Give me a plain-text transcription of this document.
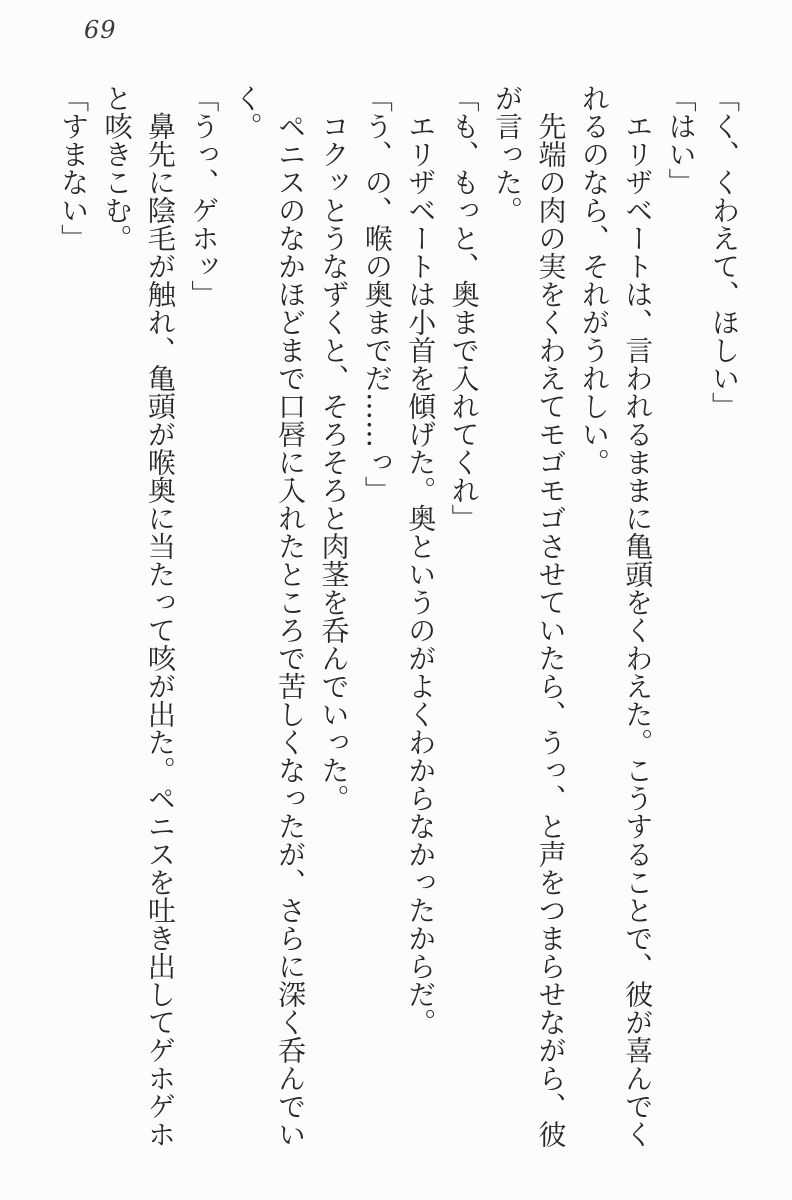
69
「く、くわえて、ほしい」
「はい」
エリザベートは、言われるままに亀頭をくわえた。こうすることで、彼が喜んでく
れるのなら、それがうれしい。
先端の肉の実をくわえてモゴモゴさせていたら、うっ、と声をつまらせながら、彼
が言った。
「も、もっと、奥まで入れてくれ」
エリザベートは小首を傾げた。奥というのがよくわからなかったからだ。
「う、の、喉の奥までだ……っ」
コクッとうなずくと、そろそろと肉茎を呑んでいった。
ペニスのなかほどまで口唇に入れたところで苦しくなったが、さらに深く呑んでい
く。
「うっ、ゲホッ」
鼻先に陰毛が触れ、亀頭が喉奥に当たって咳が出た。ペニスを吐き出してゲホゲホ
と咳きこむ。
「すまない」
